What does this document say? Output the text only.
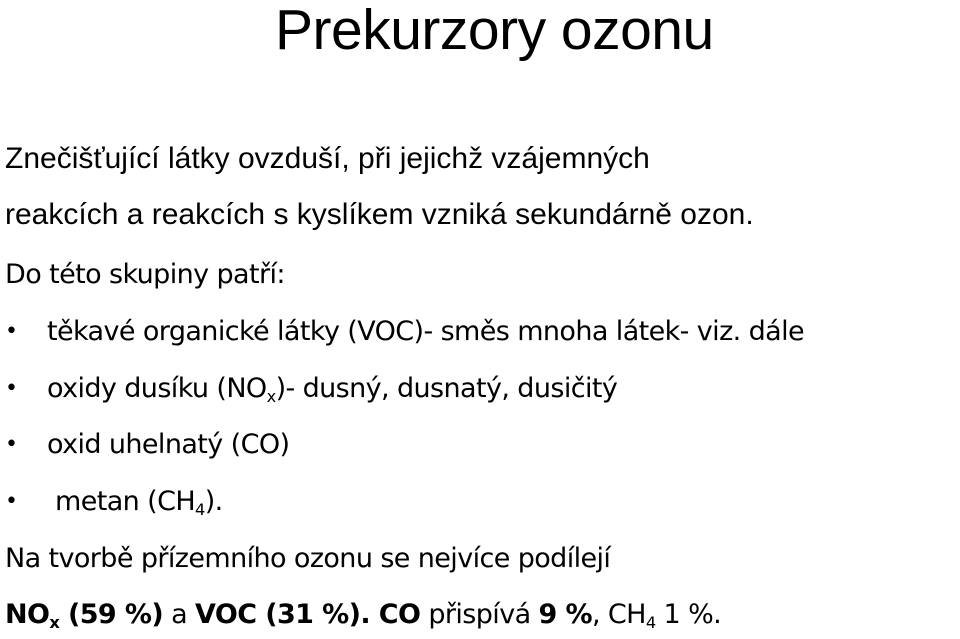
Prekurzory ozonu
Znečišťující látky ovzduší, při jejichž vzájemných
reakcích a reakcích s kyslíkem vzniká sekundárně ozon.
Do této skupiny patří:
• těkavé organické látky (VOC)- směs mnoha látek- viz. dále
• oxidy dusíku $(NO_x)-$ dusný, dusnatý, dusičitý
• oxid uhelnatý (CO)
• metan $(CH_4)$.
Na tvorbě přízemního ozonu se nejvíce podílejí
$NO_x$ (59 %) a VOC (31 %). CO přispívá 9 %, $CH_4$ 1 %.
